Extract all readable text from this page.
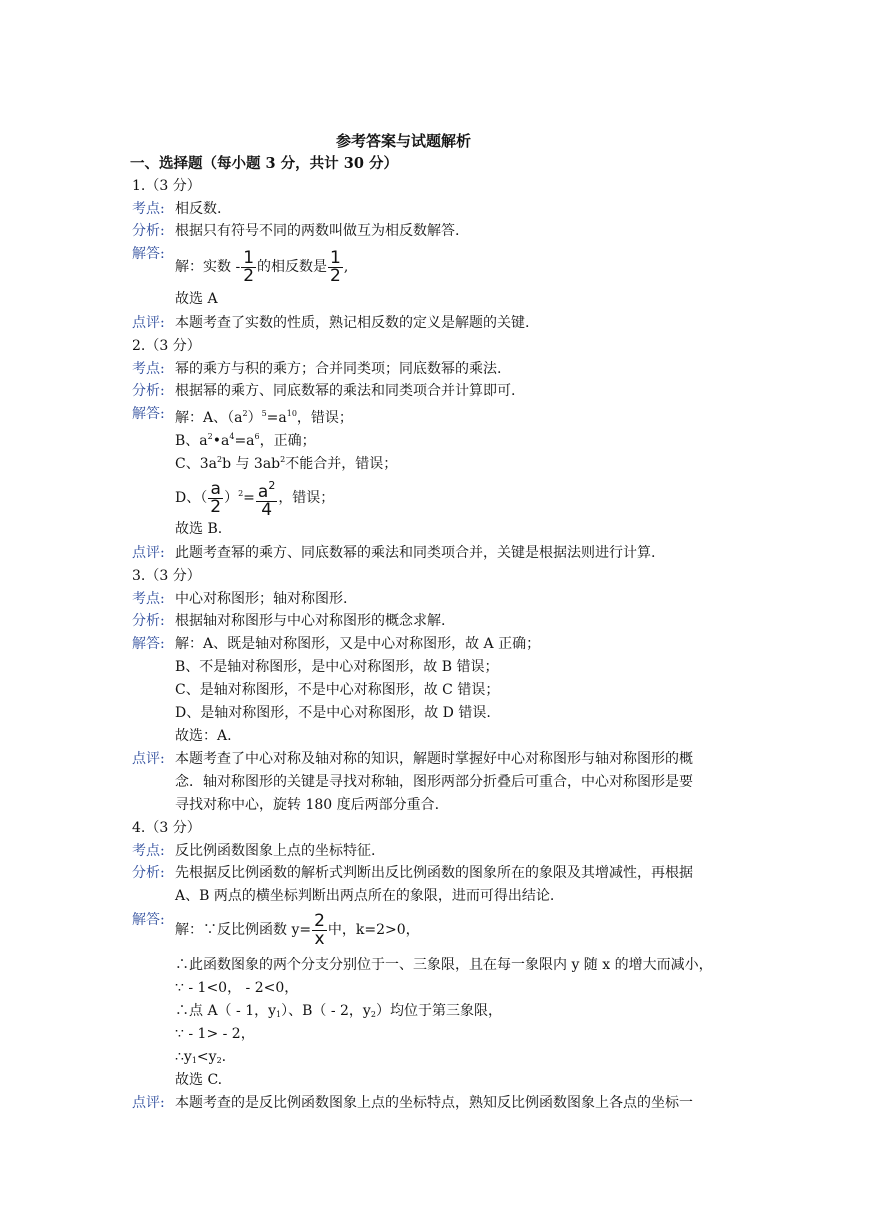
参考答案与试题解析
一、选择题（每小题 3 分，共计 30 分）
1.（3 分）
考点: 相反数.
分析: 根据只有符号不同的两数叫做互为相反数解答.
解答:
解：实数 - $\frac{1}{2}$ 的相反数是 $\frac{1}{2}$ ,
故选 A
点评: 本题考查了实数的性质，熟记相反数的定义是解题的关键.
2.（3 分）
考点: 幂的乘方与积的乘方；合并同类项；同底数幂的乘法.
分析: 根据幂的乘方、同底数幂的乘法和同类项合并计算即可.
解答: 解：A、$(a^2)^5=a^{10}$，错误；
B、$a^2•a^4=a^6$，正确；
C、$3a^2b$ 与 $3ab^2$不能合并，错误；
D、（ $\frac{a}{2} )^2= \frac{a^2}{4}$ ，错误；
故选 B.
点评: 此题考查幂的乘方、同底数幂的乘法和同类项合并，关键是根据法则进行计算.
3.（3 分）
考点: 中心对称图形；轴对称图形.
分析: 根据轴对称图形与中心对称图形的概念求解.
解答: 解：A、既是轴对称图形，又是中心对称图形，故 A 正确；
B、不是轴对称图形，是中心对称图形，故 B 错误；
C、是轴对称图形，不是中心对称图形，故 C 错误；
D、是轴对称图形，不是中心对称图形，故 D 错误.
故选：A.
点评: 本题考查了中心对称及轴对称的知识，解题时掌握好中心对称图形与轴对称图形的概
念．轴对称图形的关键是寻找对称轴，图形两部分折叠后可重合，中心对称图形是要
寻找对称中心，旋转 180 度后两部分重合.
4.（3 分）
考点: 反比例函数图象上点的坐标特征.
分析: 先根据反比例函数的解析式判断出反比例函数的图象所在的象限及其增减性，再根据
A、B 两点的横坐标判断出两点所在的象限，进而可得出结论.
解答:
解：∵反比例函数 $y= \frac{2}{x}$ 中，k=2>0，
∴此函数图象的两个分支分别位于一、三象限，且在每一象限内 y 随 x 的增大而减小，
∵ - 1<0， - 2<0，
∴点 A（ - 1，$y_1$）、B（ - 2，$y_2$）均位于第三象限，
∵ - 1> - 2，
$\therefore y_1<y_2$.
故选 C.
点评: 本题考查的是反比例函数图象上点的坐标特点，熟知反比例函数图象上各点的坐标一
